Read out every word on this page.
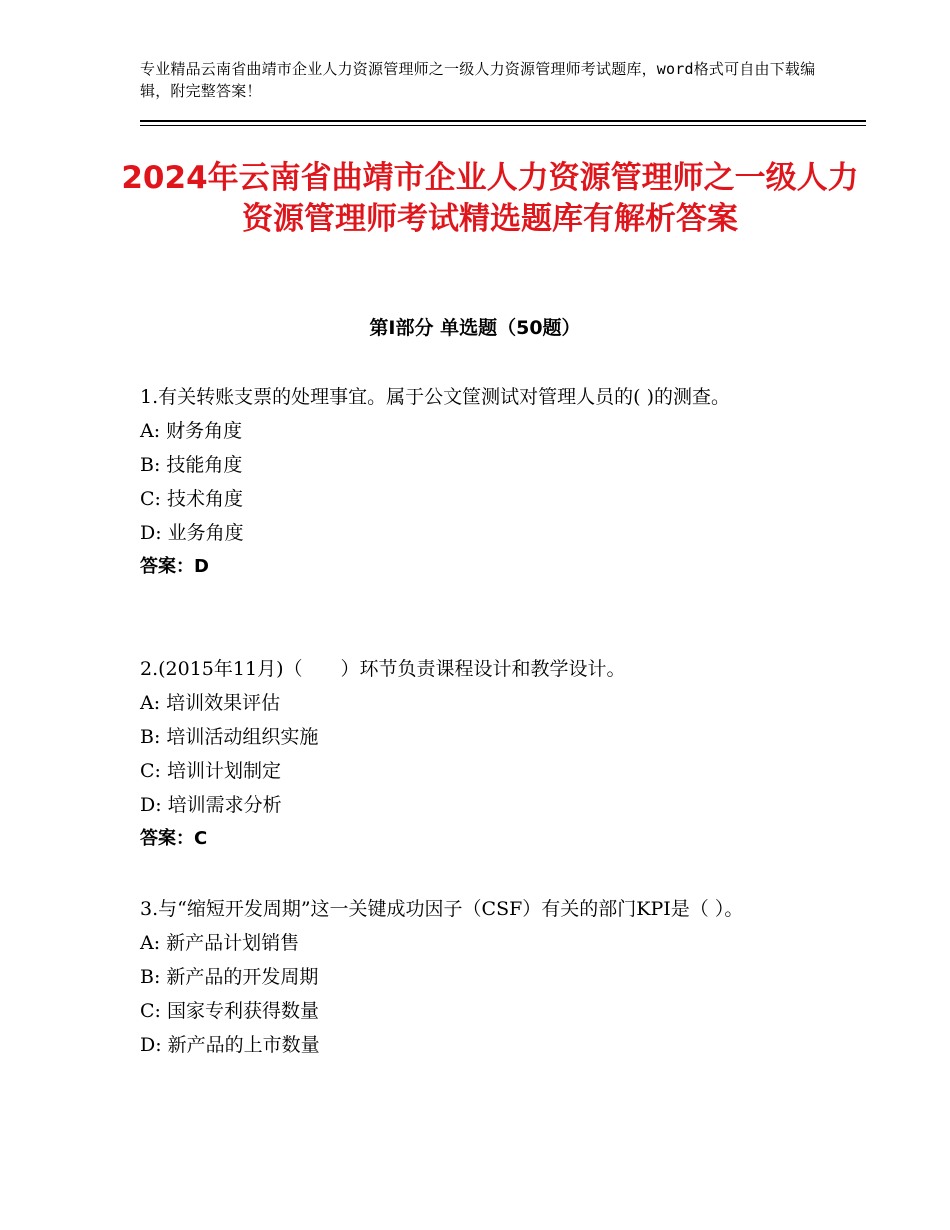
专业精品云南省曲靖市企业人力资源管理师之一级人力资源管理师考试题库，word格式可自由下载编辑，附完整答案！
2024年云南省曲靖市企业人力资源管理师之一级人力资源管理师考试精选题库有解析答案
第Ⅰ部分 单选题（50题）
1.有关转账支票的处理事宜。属于公文筐测试对管理人员的( )的测查。
A: 财务角度
B: 技能角度
C: 技术角度
D: 业务角度
答案：D
2.(2015年11月)（　　）环节负责课程设计和教学设计。
A: 培训效果评估
B: 培训活动组织实施
C: 培训计划制定
D: 培训需求分析
答案：C
3.与“缩短开发周期”这一关键成功因子（CSF）有关的部门KPI是（ ）。
A: 新产品计划销售
B: 新产品的开发周期
C: 国家专利获得数量
D: 新产品的上市数量
